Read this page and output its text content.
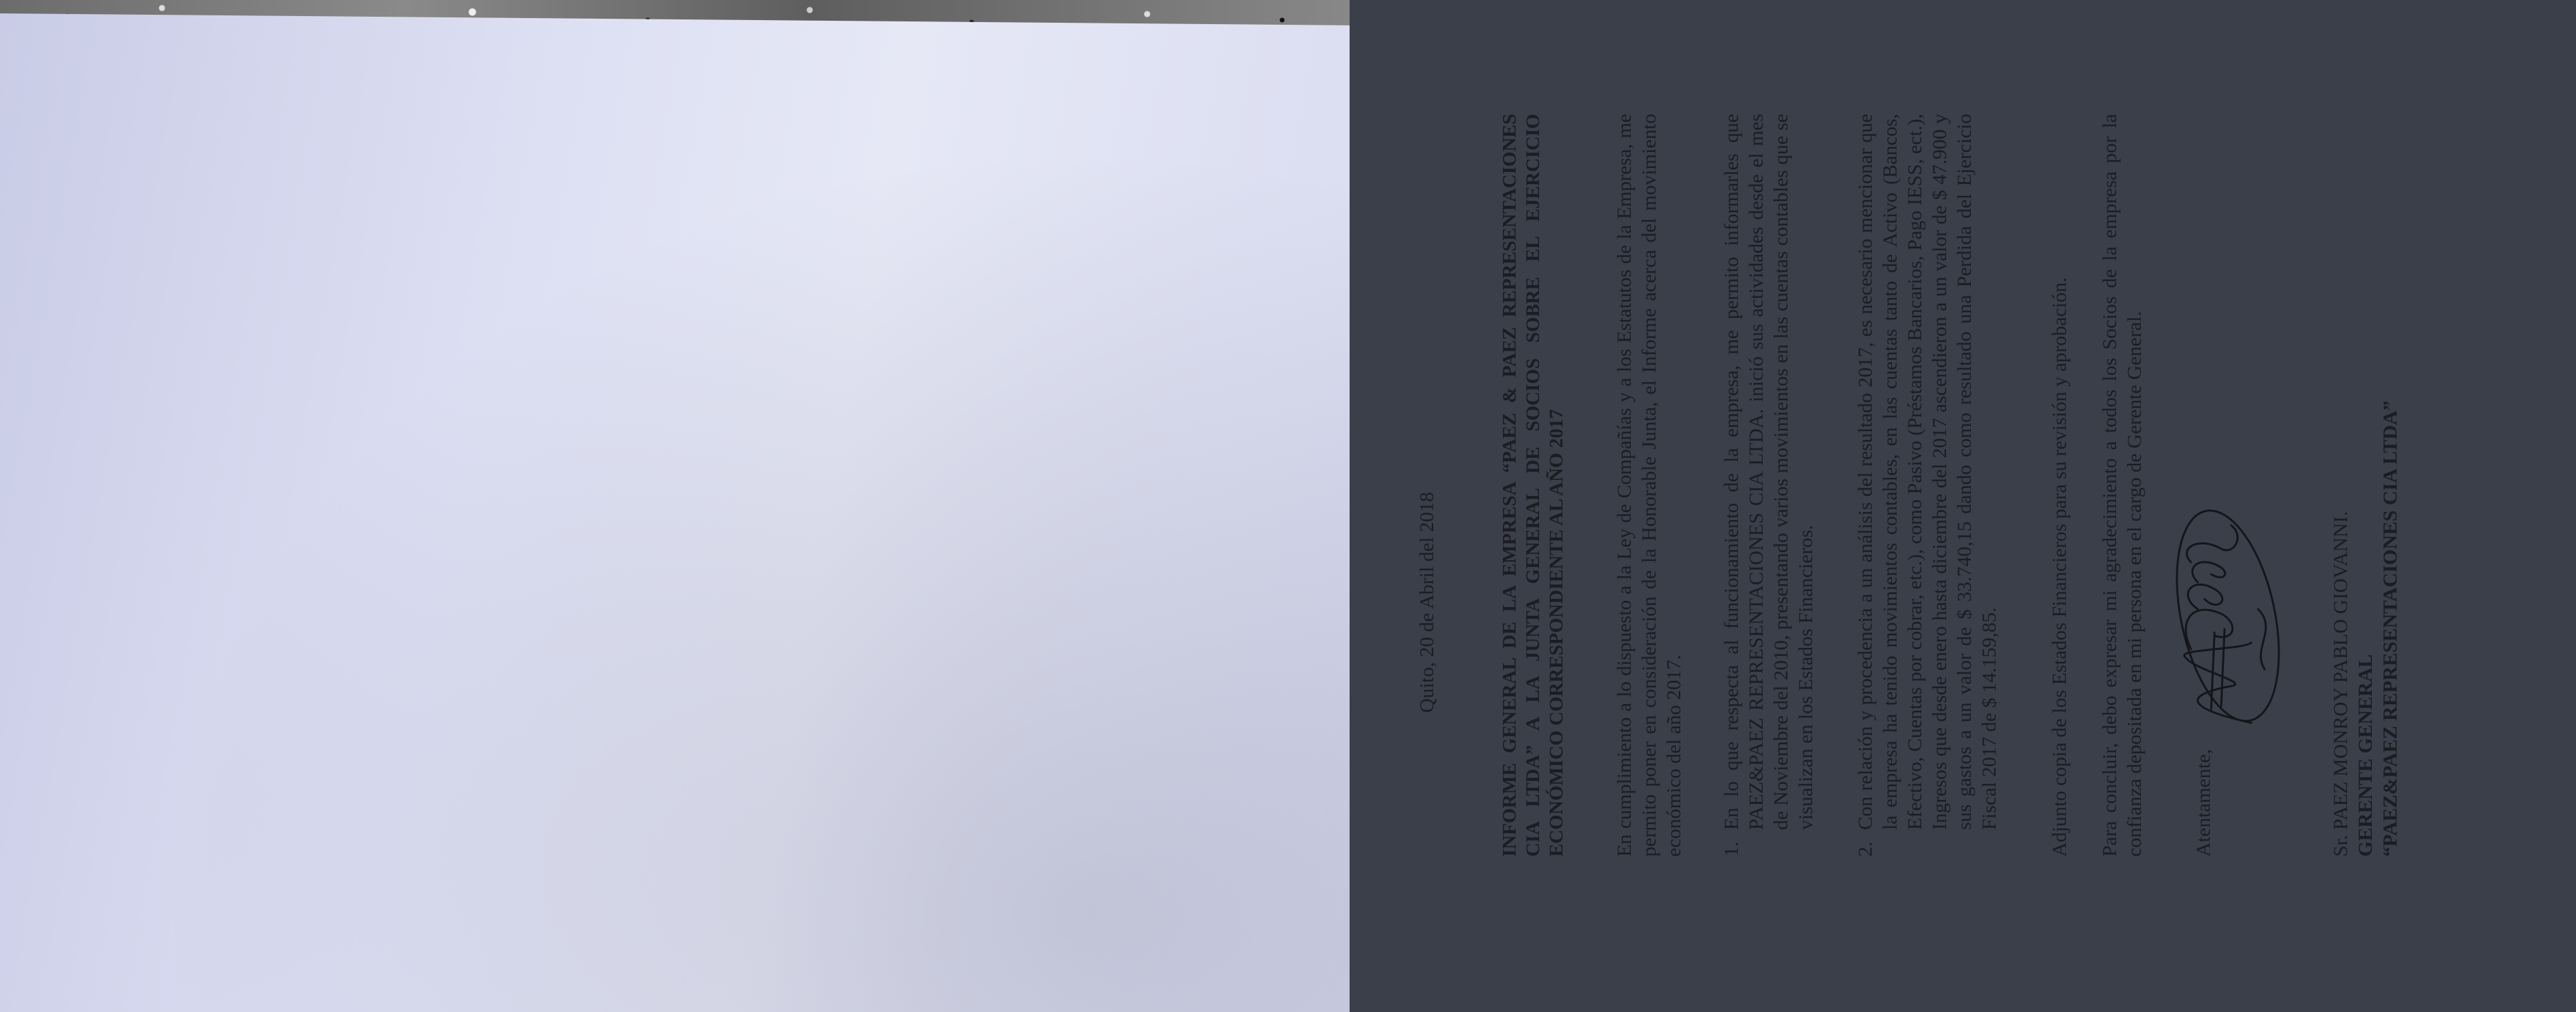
Quito, 20 de Abril del 2018	INFORME GENERAL DE LA EMPRESA “PAEZ & PAEZ REPRESENTACIONES CIA LTDA” A LA JUNTA GENERAL DE SOCIOS SOBRE EL EJERCICIO ECONÓMICO CORRESPONDIENTE AL AÑO 2017 En cumplimiento a lo dispuesto a la Ley de Compañías y a los Estatutos de la Empresa, me permito poner en consideración de la Honorable Junta, el Informe acerca del movimiento económico del año 2017. 1.
En lo que respecta al funcionamiento de la empresa, me permito informarles que PAEZ&PAEZ REPRESENTACIONES CIA LTDA. inició sus actividades desde el mes de Noviembre del 2010, presentando varios movimientos en las cuentas contables que se visualizan en los Estados Financieros.
2.
Con relación y procedencia a un análisis del resultado 2017, es necesario mencionar que la empresa ha tenido movimientos contables, en las cuentas tanto de Activo (Bancos, Efectivo, Cuentas por cobrar, etc.), como Pasivo (Préstamos Bancarios, Pago IESS, ect.), Ingresos que desde enero hasta diciembre del 2017 ascendieron a un valor de $ 47.900 y sus gastos a un valor de $ 33.740,15 dando como resultado una Perdida del Ejercicio Fiscal 2017 de $ 14.159,85. Adjunto copia de los Estados Financieros para su revisión y aprobación. Para concluir, debo expresar mi agradecimiento a todos los Socios de la empresa por la confianza depositada en mi persona en el cargo de Gerente General. Atentamente,	Sr. PAEZ MONROY PABLO GIOVANNI. GERENTE GENERAL “PAEZ&PAEZ REPRESENTACIONES CIA LTDA”
